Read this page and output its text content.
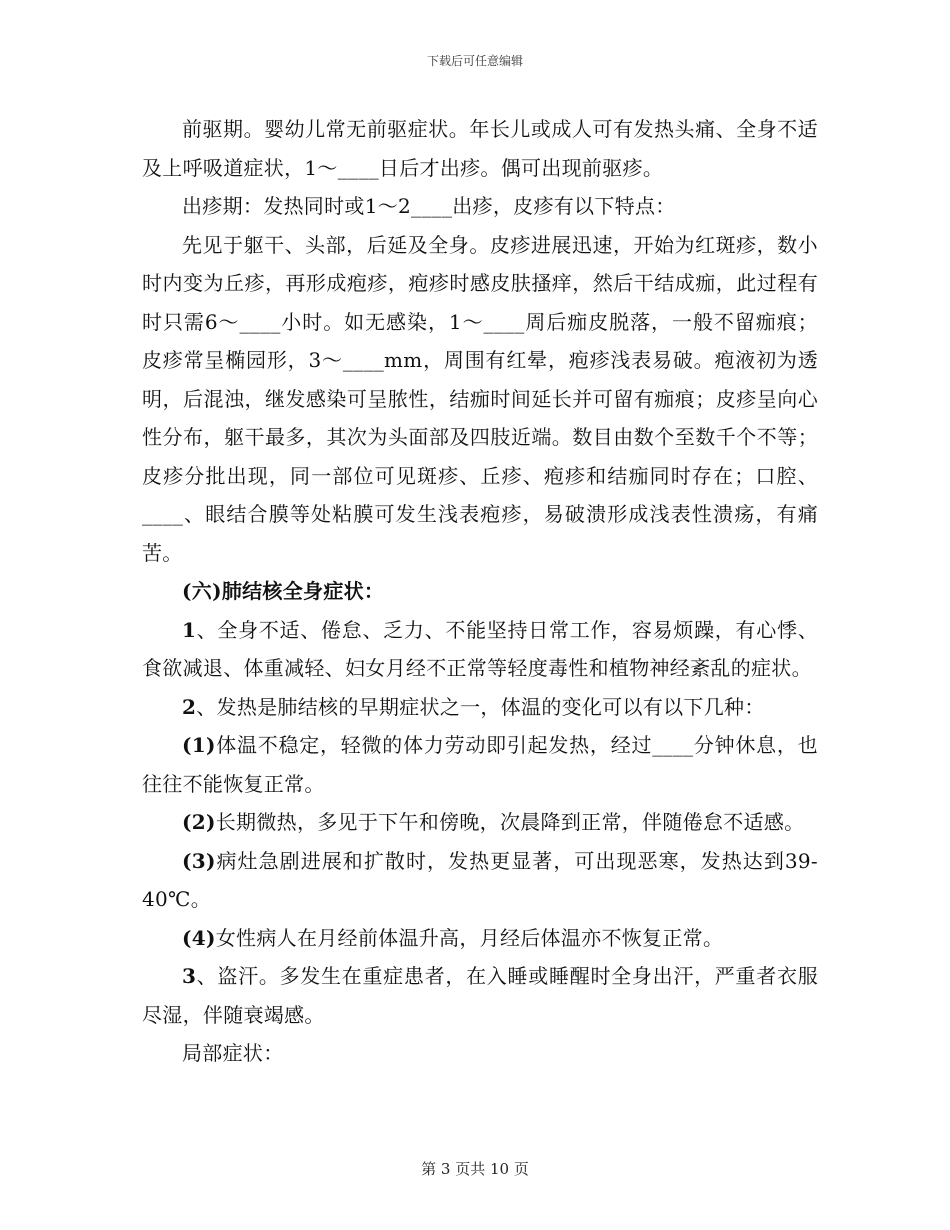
下载后可任意编辑

前驱期。婴幼儿常无前驱症状。年长儿或成人可有发热头痛、全身不适及上呼吸道症状，1～____日后才出疹。偶可出现前驱疹。

出疹期：发热同时或1～2____出疹，皮疹有以下特点：

先见于躯干、头部，后延及全身。皮疹进展迅速，开始为红斑疹，数小时内变为丘疹，再形成疱疹，疱疹时感皮肤搔痒，然后干结成痂，此过程有时只需6～____小时。如无感染，1～____周后痂皮脱落，一般不留痂痕；皮疹常呈椭园形，3～____mm，周围有红晕，疱疹浅表易破。疱液初为透明，后混浊，继发感染可呈脓性，结痂时间延长并可留有痂痕；皮疹呈向心性分布，躯干最多，其次为头面部及四肢近端。数目由数个至数千个不等；皮疹分批出现，同一部位可见斑疹、丘疹、疱疹和结痂同时存在；口腔、____、眼结合膜等处粘膜可发生浅表疱疹，易破溃形成浅表性溃疡，有痛苦。

(六)肺结核全身症状：

1、全身不适、倦怠、乏力、不能坚持日常工作，容易烦躁，有心悸、食欲减退、体重减轻、妇女月经不正常等轻度毒性和植物神经紊乱的症状。

2、发热是肺结核的早期症状之一，体温的变化可以有以下几种：

(1)体温不稳定，轻微的体力劳动即引起发热，经过____分钟休息，也往往不能恢复正常。

(2)长期微热，多见于下午和傍晚，次晨降到正常，伴随倦怠不适感。

(3)病灶急剧进展和扩散时，发热更显著，可出现恶寒，发热达到39-40℃。

(4)女性病人在月经前体温升高，月经后体温亦不恢复正常。

3、盗汗。多发生在重症患者，在入睡或睡醒时全身出汗，严重者衣服尽湿，伴随衰竭感。

局部症状：

第 3 页共 10 页
